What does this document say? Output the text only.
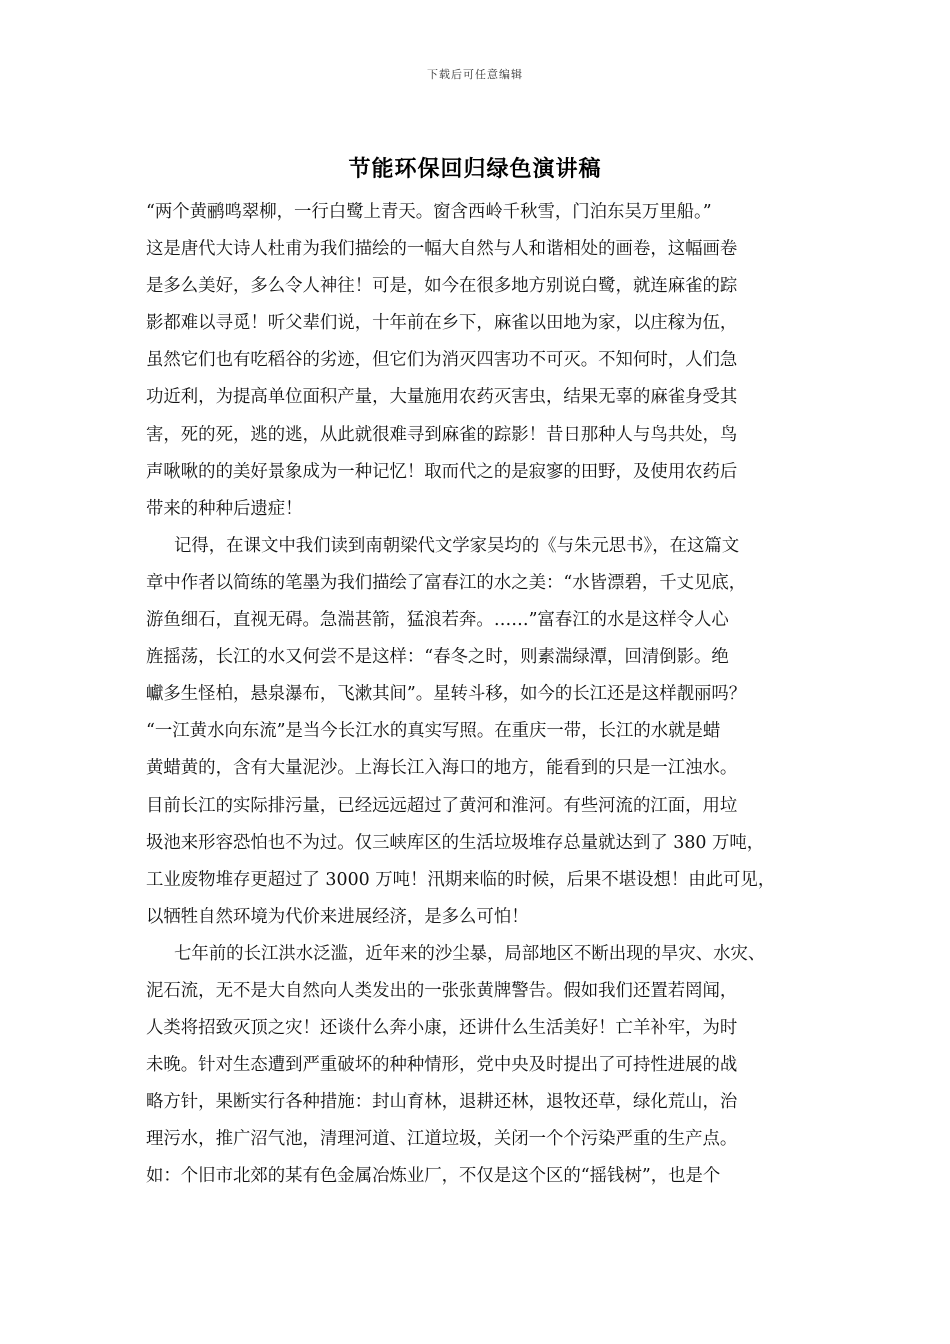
下载后可任意编辑
节能环保回归绿色演讲稿
“两个黄鹂鸣翠柳，一行白鹭上青天。窗含西岭千秋雪，门泊东吴万里船。”
这是唐代大诗人杜甫为我们描绘的一幅大自然与人和谐相处的画卷，这幅画卷
是多么美好，多么令人神往！可是，如今在很多地方别说白鹭，就连麻雀的踪
影都难以寻觅！听父辈们说，十年前在乡下，麻雀以田地为家，以庄稼为伍，
虽然它们也有吃稻谷的劣迹，但它们为消灭四害功不可灭。不知何时，人们急
功近利，为提高单位面积产量，大量施用农药灭害虫，结果无辜的麻雀身受其
害，死的死，逃的逃，从此就很难寻到麻雀的踪影！昔日那种人与鸟共处，鸟
声啾啾的的美好景象成为一种记忆！取而代之的是寂寥的田野，及使用农药后
带来的种种后遗症！
记得，在课文中我们读到南朝梁代文学家吴均的《与朱元思书》，在这篇文
章中作者以简练的笔墨为我们描绘了富春江的水之美：“水皆漂碧，千丈见底，
游鱼细石，直视无碍。急湍甚箭，猛浪若奔。……”富春江的水是这样令人心
旌摇荡，长江的水又何尝不是这样：“春冬之时，则素湍绿潭，回清倒影。绝
巘多生怪柏，悬泉瀑布，飞漱其间”。星转斗移，如今的长江还是这样靓丽吗？
“一江黄水向东流”是当今长江水的真实写照。在重庆一带，长江的水就是蜡
黄蜡黄的，含有大量泥沙。上海长江入海口的地方，能看到的只是一江浊水。
目前长江的实际排污量，已经远远超过了黄河和淮河。有些河流的江面，用垃
圾池来形容恐怕也不为过。仅三峡库区的生活垃圾堆存总量就达到了 380 万吨，
工业废物堆存更超过了 3000 万吨！汛期来临的时候，后果不堪设想！由此可见，
以牺牲自然环境为代价来进展经济，是多么可怕！
七年前的长江洪水泛滥，近年来的沙尘暴，局部地区不断出现的旱灾、水灾、
泥石流，无不是大自然向人类发出的一张张黄牌警告。假如我们还置若罔闻，
人类将招致灭顶之灾！还谈什么奔小康，还讲什么生活美好！亡羊补牢，为时
未晚。针对生态遭到严重破坏的种种情形，党中央及时提出了可持性进展的战
略方针，果断实行各种措施：封山育林，退耕还林，退牧还草，绿化荒山，治
理污水，推广沼气池，清理河道、江道垃圾，关闭一个个污染严重的生产点。
如：个旧市北郊的某有色金属冶炼业厂，不仅是这个区的“摇钱树”，也是个
